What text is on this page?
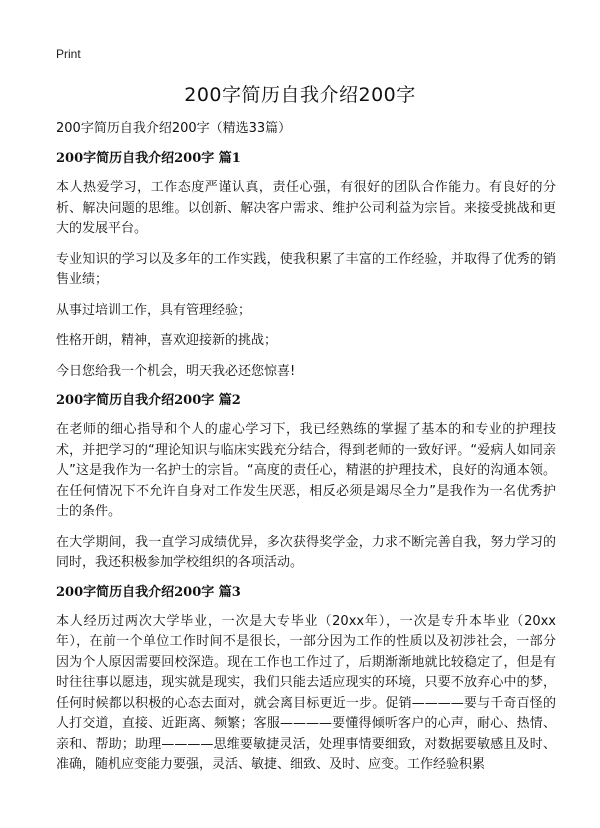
Print
200字简历自我介绍200字

200字简历自我介绍200字（精选33篇）

200字简历自我介绍200字 篇1

本人热爱学习，工作态度严谨认真，责任心强，有很好的团队合作能力。有良好的分析、解决问题的思维。以创新、解决客户需求、维护公司利益为宗旨。来接受挑战和更大的发展平台。

专业知识的学习以及多年的工作实践，使我积累了丰富的工作经验，并取得了优秀的销售业绩；

从事过培训工作，具有管理经验；

性格开朗，精神，喜欢迎接新的挑战；

今日您给我一个机会，明天我必还您惊喜!

200字简历自我介绍200字 篇2

在老师的细心指导和个人的虚心学习下，我已经熟练的掌握了基本的和专业的护理技术，并把学习的“理论知识与临床实践充分结合，得到老师的一致好评。“爱病人如同亲人”这是我作为一名护士的宗旨。“高度的责任心，精湛的护理技术，良好的沟通本领。在任何情况下不允许自身对工作发生厌恶，相反必须是竭尽全力”是我作为一名优秀护士的条件。

在大学期间，我一直学习成绩优异，多次获得奖学金，力求不断完善自我，努力学习的同时，我还积极参加学校组织的各项活动。

200字简历自我介绍200字 篇3

本人经历过两次大学毕业，一次是大专毕业（20xx年），一次是专升本毕业（20xx年），在前一个单位工作时间不是很长，一部分因为工作的性质以及初涉社会，一部分因为个人原因需要回校深造。现在工作也工作过了，后期渐渐地就比较稳定了，但是有时往往事以愿违，现实就是现实，我们只能去适应现实的环境，只要不放弃心中的梦，任何时候都以积极的心态去面对，就会离目标更近一步。促销————要与千奇百怪的人打交道，直接、近距离、频繁；客服————要懂得倾听客户的心声，耐心、热情、亲和、帮助；助理————思维要敏捷灵活，处理事情要细致，对数据要敏感且及时、准确，随机应变能力要强，灵活、敏捷、细致、及时、应变。工作经验积累
